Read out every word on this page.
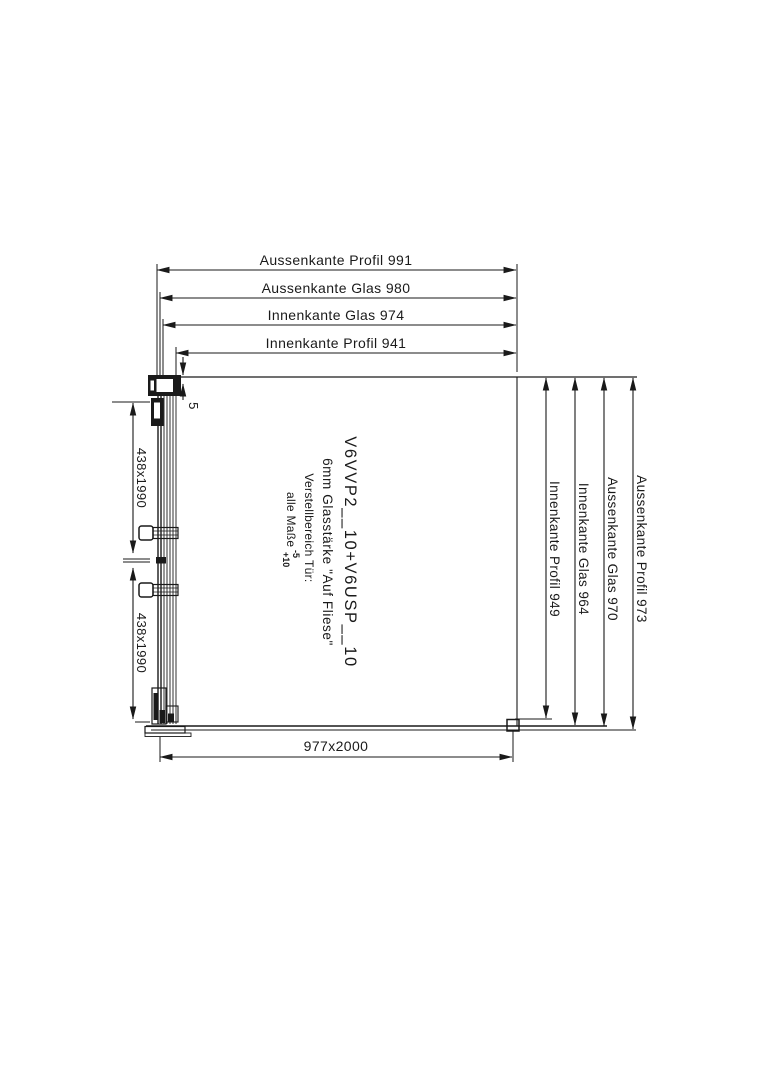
Aussenkante Profil 991
Aussenkante Glas 980
Innenkante Glas 974
Innenkante Profil 941
Innenkante Profil 949 Innenkante Glas 964 Aussenkante Glas 970 Aussenkante Profil 973
438x1990
438x1990
5
977x2000
V6VVP2__10+V6USP__10
6mm Glasstärke "Auf Fliese"
Verstellbereich Tür:
alle Maße
-5
+10
